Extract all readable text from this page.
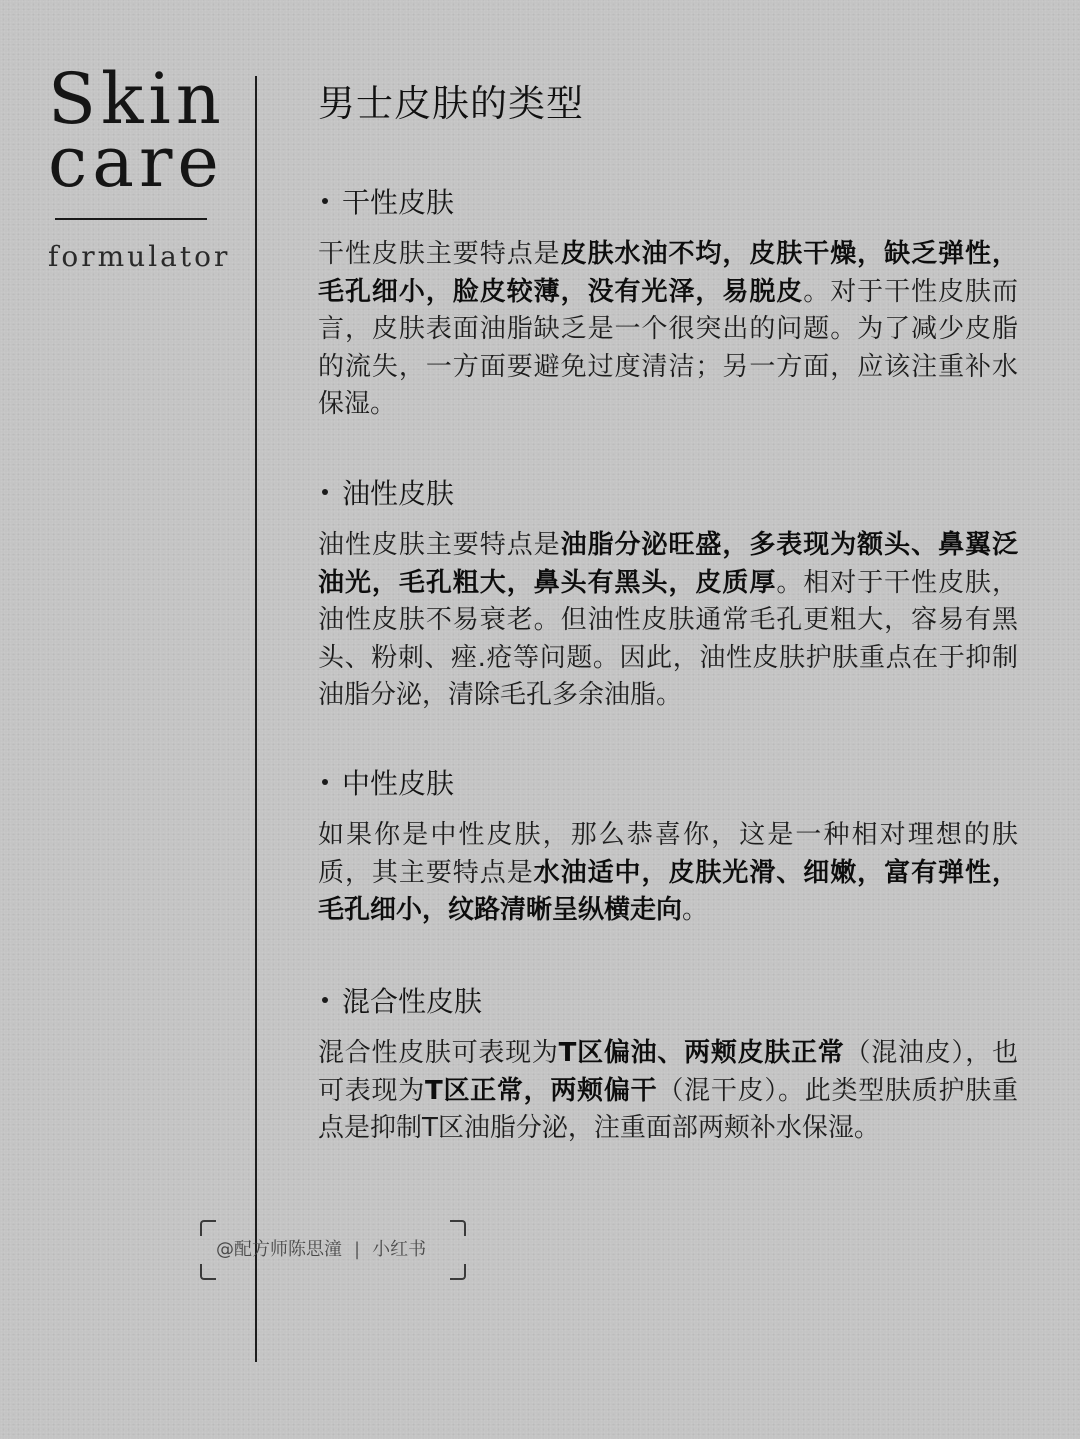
Skin
care
formulator
男士皮肤的类型
干性皮肤

干性皮肤主要特点是皮肤水油不均，皮肤干燥，缺乏弹性，毛孔细小，脸皮较薄，没有光泽，易脱皮。对于干性皮肤而言，皮肤表面油脂缺乏是一个很突出的问题。为了减少皮脂的流失，一方面要避免过度清洁；另一方面，应该注重补水保湿。

油性皮肤

油性皮肤主要特点是油脂分泌旺盛，多表现为额头、鼻翼泛油光，毛孔粗大，鼻头有黑头，皮质厚。相对于干性皮肤，油性皮肤不易衰老。但油性皮肤通常毛孔更粗大，容易有黑头、粉刺、痤.疮等问题。因此，油性皮肤护肤重点在于抑制油脂分泌，清除毛孔多余油脂。

中性皮肤

如果你是中性皮肤，那么恭喜你，这是一种相对理想的肤质，其主要特点是水油适中，皮肤光滑、细嫩，富有弹性，毛孔细小，纹路清晰呈纵横走向。

混合性皮肤

混合性皮肤可表现为T区偏油、两颊皮肤正常（混油皮），也可表现为T区正常，两颊偏干（混干皮）。此类型肤质护肤重点是抑制T区油脂分泌，注重面部两颊补水保湿。

@配方师陈思潼 | 小红书
